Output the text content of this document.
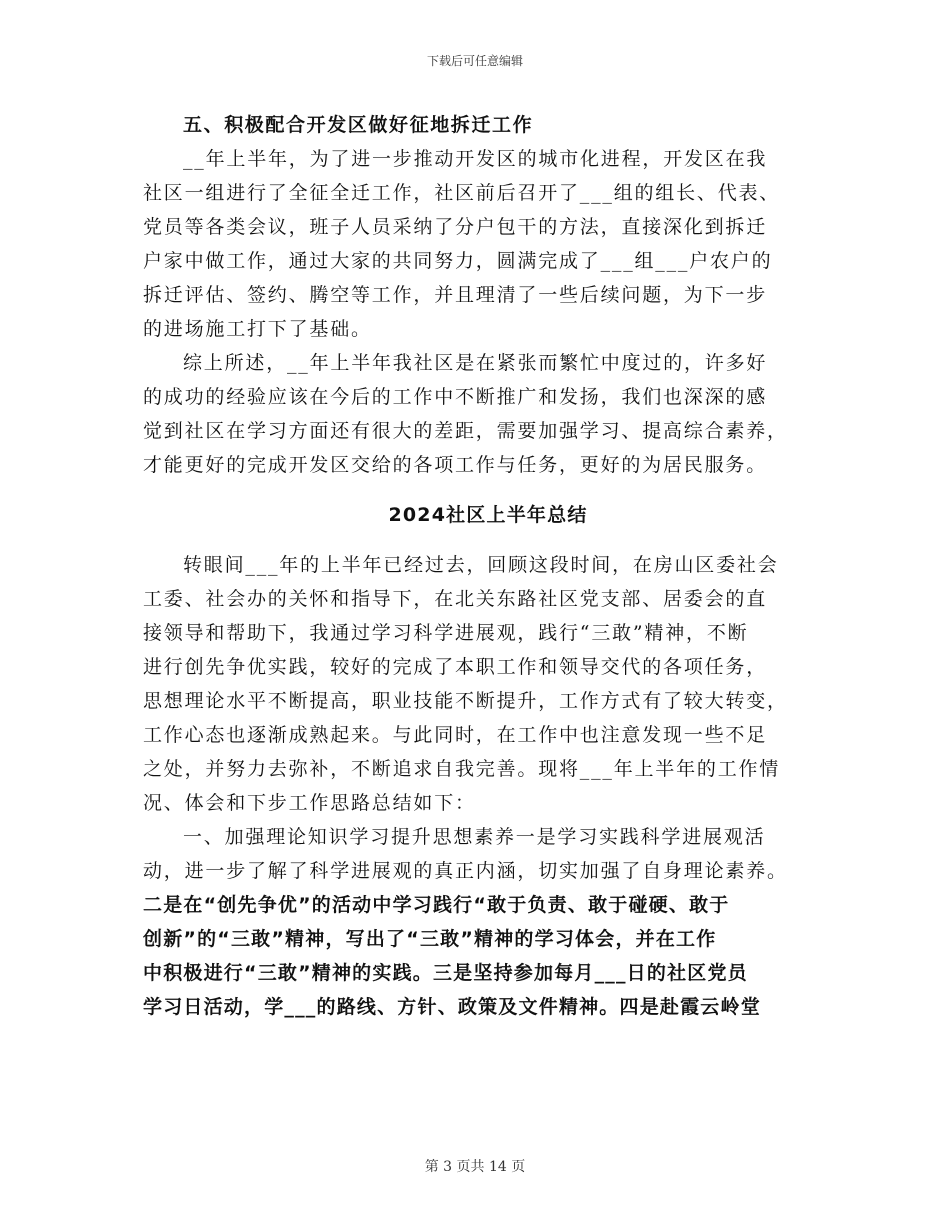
下载后可任意编辑
五、积极配合开发区做好征地拆迁工作
__年上半年，为了进一步推动开发区的城市化进程，开发区在我
社区一组进行了全征全迁工作，社区前后召开了___组的组长、代表、
党员等各类会议，班子人员采纳了分户包干的方法，直接深化到拆迁
户家中做工作，通过大家的共同努力，圆满完成了___组___户农户的
拆迁评估、签约、腾空等工作，并且理清了一些后续问题，为下一步
的进场施工打下了基础。
综上所述，__年上半年我社区是在紧张而繁忙中度过的，许多好
的成功的经验应该在今后的工作中不断推广和发扬，我们也深深的感
觉到社区在学习方面还有很大的差距，需要加强学习、提高综合素养，
才能更好的完成开发区交给的各项工作与任务，更好的为居民服务。
2024社区上半年总结
转眼间___年的上半年已经过去，回顾这段时间，在房山区委社会
工委、社会办的关怀和指导下，在北关东路社区党支部、居委会的直
接领导和帮助下，我通过学习科学进展观，践行“三敢”精神，不断
进行创先争优实践，较好的完成了本职工作和领导交代的各项任务，
思想理论水平不断提高，职业技能不断提升，工作方式有了较大转变，
工作心态也逐渐成熟起来。与此同时，在工作中也注意发现一些不足
之处，并努力去弥补，不断追求自我完善。现将___年上半年的工作情
况、体会和下步工作思路总结如下：
一、加强理论知识学习提升思想素养一是学习实践科学进展观活
动，进一步了解了科学进展观的真正内涵，切实加强了自身理论素养。
二是在“创先争优”的活动中学习践行“敢于负责、敢于碰硬、敢于
创新”的“三敢”精神，写出了“三敢”精神的学习体会，并在工作
中积极进行“三敢”精神的实践。三是坚持参加每月___日的社区党员
学习日活动，学___的路线、方针、政策及文件精神。四是赴霞云岭堂
第 3 页共 14 页
